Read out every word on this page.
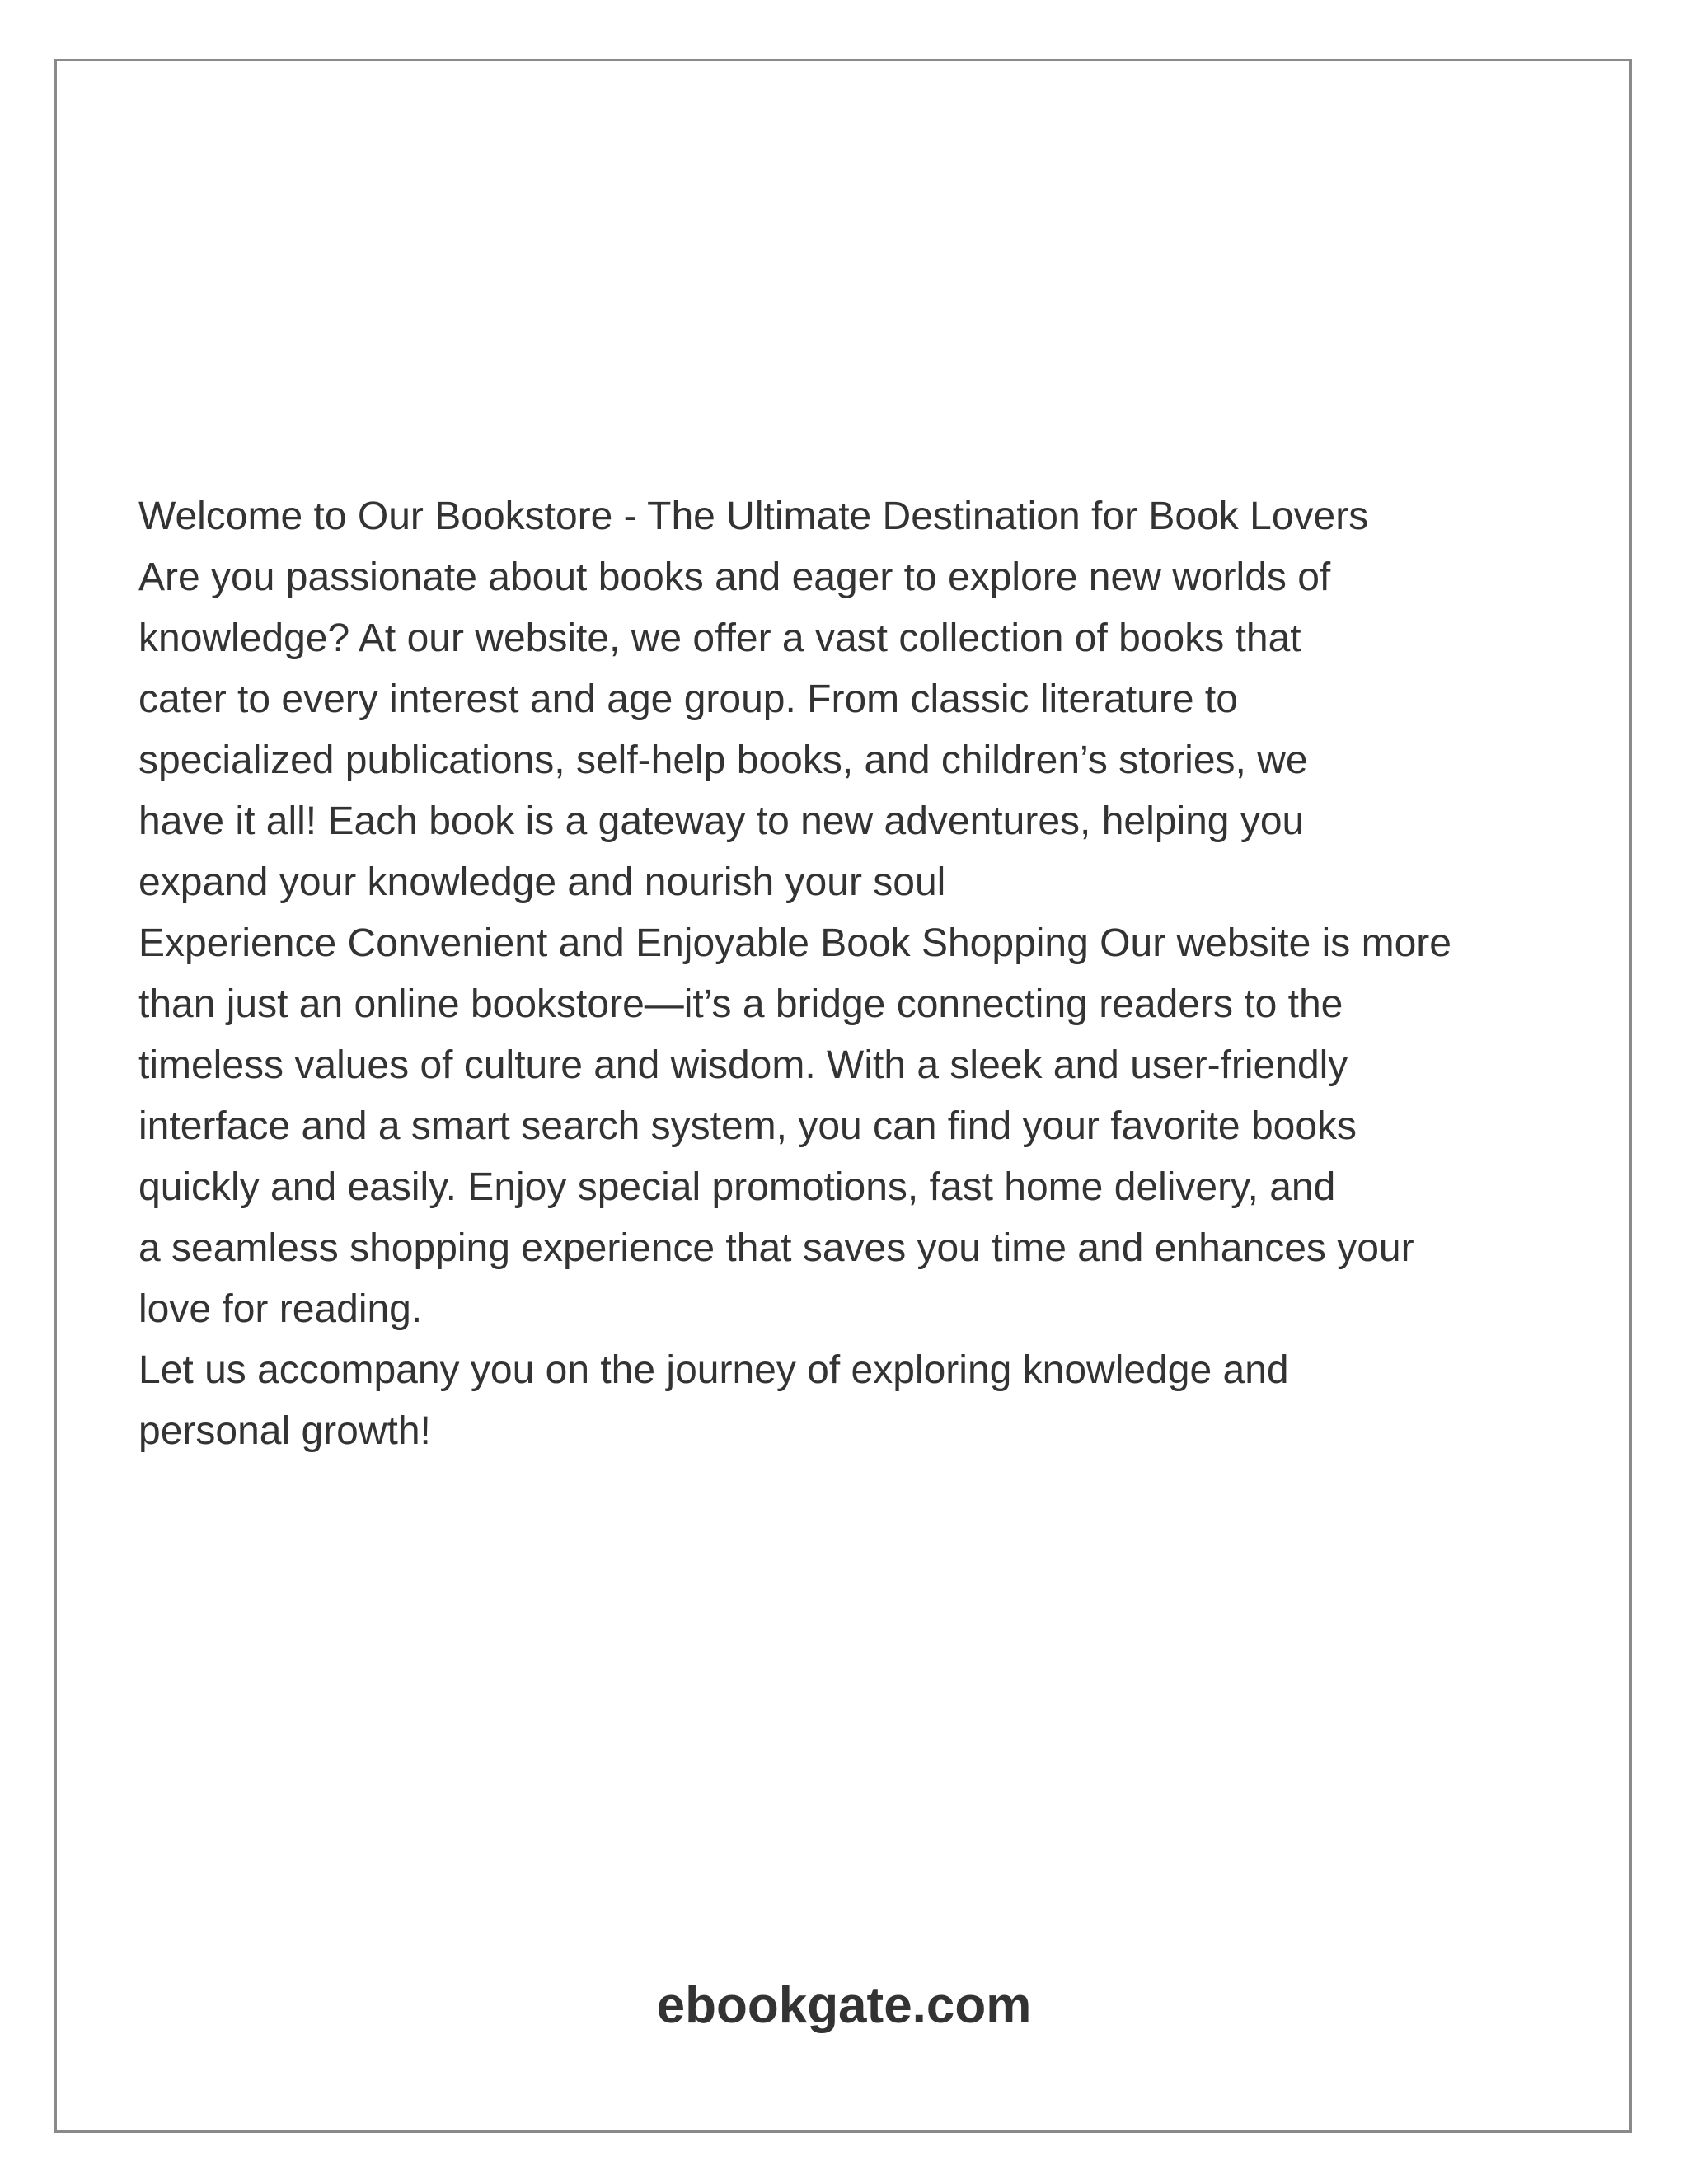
Welcome to Our Bookstore - The Ultimate Destination for Book Lovers
Are you passionate about books and eager to explore new worlds of
knowledge? At our website, we offer a vast collection of books that
cater to every interest and age group. From classic literature to
specialized publications, self-help books, and children’s stories, we
have it all! Each book is a gateway to new adventures, helping you
expand your knowledge and nourish your soul
Experience Convenient and Enjoyable Book Shopping Our website is more
than just an online bookstore—it’s a bridge connecting readers to the
timeless values of culture and wisdom. With a sleek and user-friendly
interface and a smart search system, you can find your favorite books
quickly and easily. Enjoy special promotions, fast home delivery, and
a seamless shopping experience that saves you time and enhances your
love for reading.
Let us accompany you on the journey of exploring knowledge and
personal growth!
ebookgate.com
